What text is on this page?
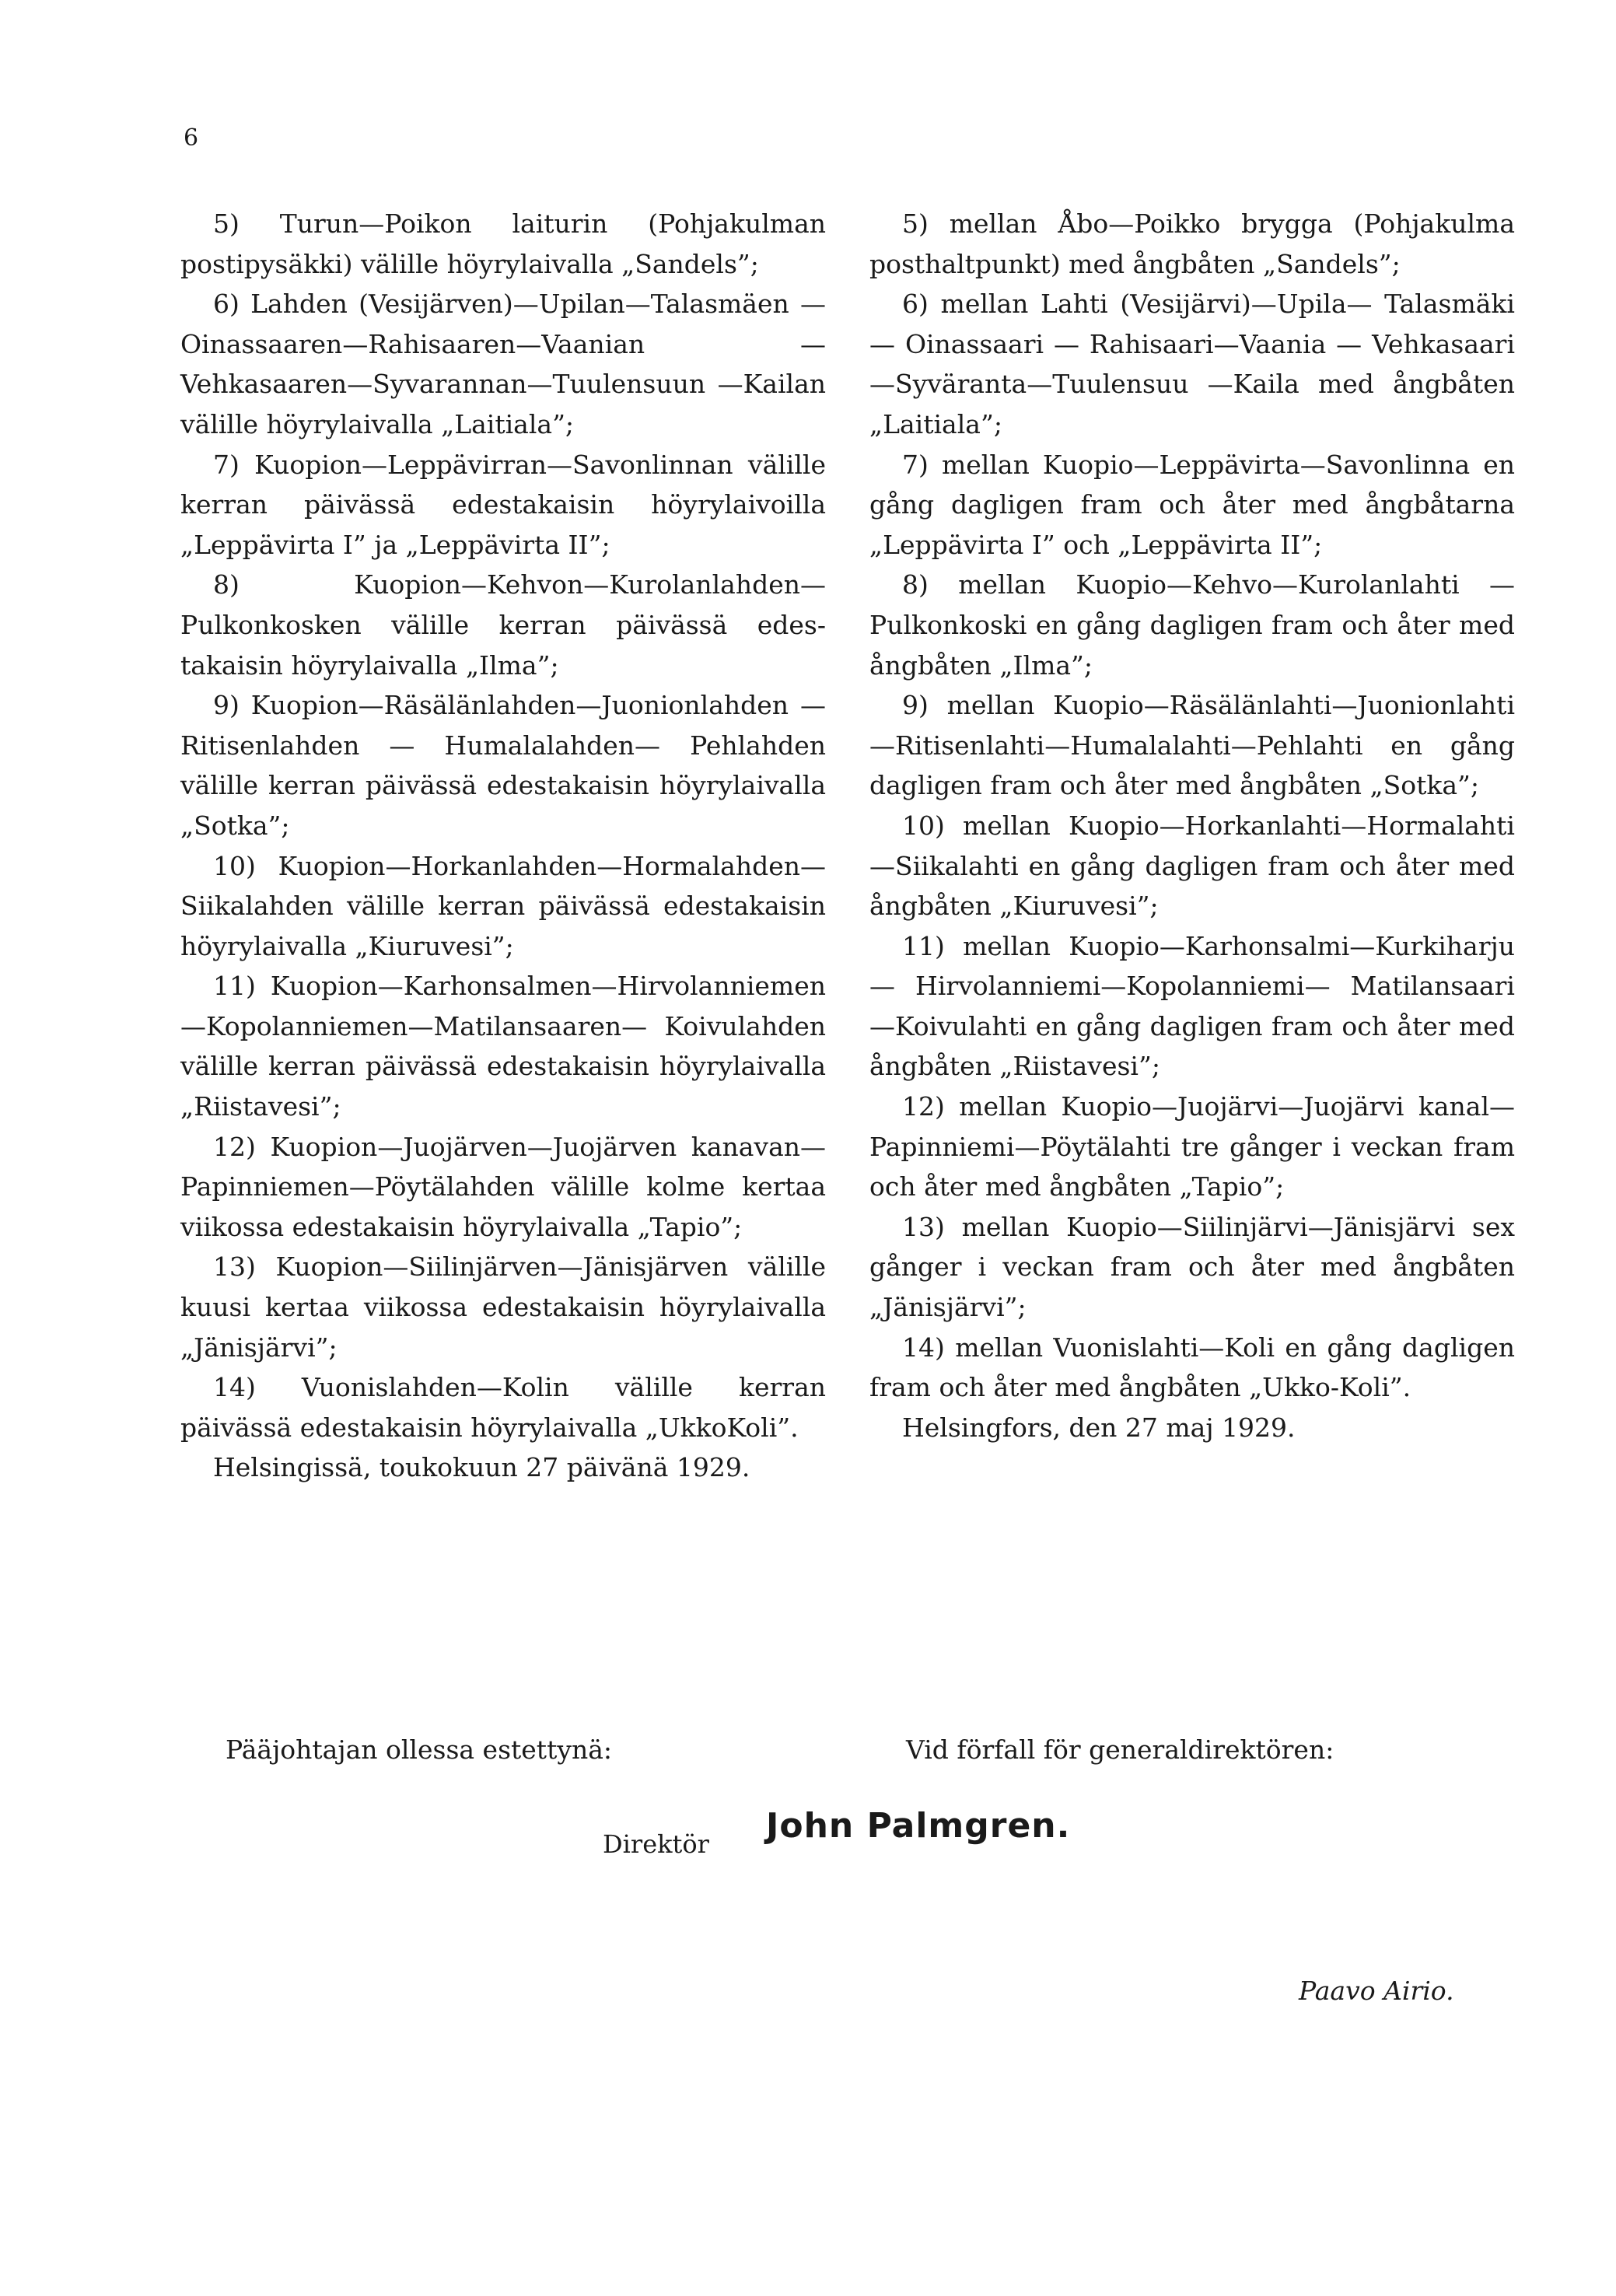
6

5) Turun—Poikon laiturin (Pohjakulman postipysäkki) välille höyrylaivalla „Sandels”;

6) Lahden (Vesijärven)—Upilan—Talasmäen —Oinassaaren—Rahisaaren—Vaanian — Vehkasaaren—Syvarannan—Tuulensuun —Kailan välille höyrylaivalla „Laitiala”;

7) Kuopion—Leppävirran—Savonlinnan välille kerran päivässä edestakaisin höyrylaivoilla „Leppävirta I” ja „Leppävirta II”;

8) Kuopion—Kehvon—Kurolanlahden—Pulkonkosken välille kerran päivässä edestakaisin höyrylaivalla „Ilma”;

9) Kuopion—Räsälänlahden—Juonionlahden — Ritisenlahden — Humalalahden— Pehlahden välille kerran päivässä edestakaisin höyrylaivalla „Sotka”;

10) Kuopion—Horkanlahden—Hormalahden—Siikalahden välille kerran päivässä edestakaisin höyrylaivalla „Kiuruvesi”;

11) Kuopion—Karhonsalmen—Hirvolanniemen —Kopolanniemen—Matilansaaren— Koivulahden välille kerran päivässä edestakaisin höyrylaivalla „Riistavesi”;

12) Kuopion—Juojärven—Juojärven kanavan—Papinniemen—Pöytälahden välille kolme kertaa viikossa edestakaisin höyrylaivalla „Tapio”;

13) Kuopion—Siilinjärven—Jänisjärven välille kuusi kertaa viikossa edestakaisin höyrylaivalla „Jänisjärvi”;

14) Vuonislahden—Kolin välille kerran päivässä edestakaisin höyrylaivalla „UkkoKoli”.

Helsingissä, toukokuun 27 päivänä 1929.

5) mellan Åbo—Poikko brygga (Pohjakulma posthaltpunkt) med ångbåten „Sandels”;

6) mellan Lahti (Vesijärvi)—Upila— Talasmäki — Oinassaari — Rahisaari—Vaania — Vehkasaari—Syväranta—Tuulensuu —Kaila med ångbåten „Laitiala”;

7) mellan Kuopio—Leppävirta—Savonlinna en gång dagligen fram och åter med ångbåtarna „Leppävirta I” och „Leppävirta II”;

8) mellan Kuopio—Kehvo—Kurolanlahti —Pulkonkoski en gång dagligen fram och åter med ångbåten „Ilma”;

9) mellan Kuopio—Räsälänlahti—Juonionlahti—Ritisenlahti—Humalalahti—Pehlahti en gång dagligen fram och åter med ångbåten „Sotka”;

10) mellan Kuopio—Horkanlahti—Hormalahti—Siikalahti en gång dagligen fram och åter med ångbåten „Kiuruvesi”;

11) mellan Kuopio—Karhonsalmi—Kurkiharju — Hirvolanniemi—Kopolanniemi— Matilansaari—Koivulahti en gång dagligen fram och åter med ångbåten „Riistavesi”;

12) mellan Kuopio—Juojärvi—Juojärvi kanal—Papinniemi—Pöytälahti tre gånger i veckan fram och åter med ångbåten „Tapio”;

13) mellan Kuopio—Siilinjärvi—Jänisjärvi sex gånger i veckan fram och åter med ångbåten „Jänisjärvi”;

14) mellan Vuonislahti—Koli en gång dagligen fram och åter med ångbåten „Ukko-Koli”.

Helsingfors, den 27 maj 1929.

Pääjohtajan ollessa estettynä:	Vid förfall för generaldirektören:
Direktör John Palmgren.
Paavo Airio.
